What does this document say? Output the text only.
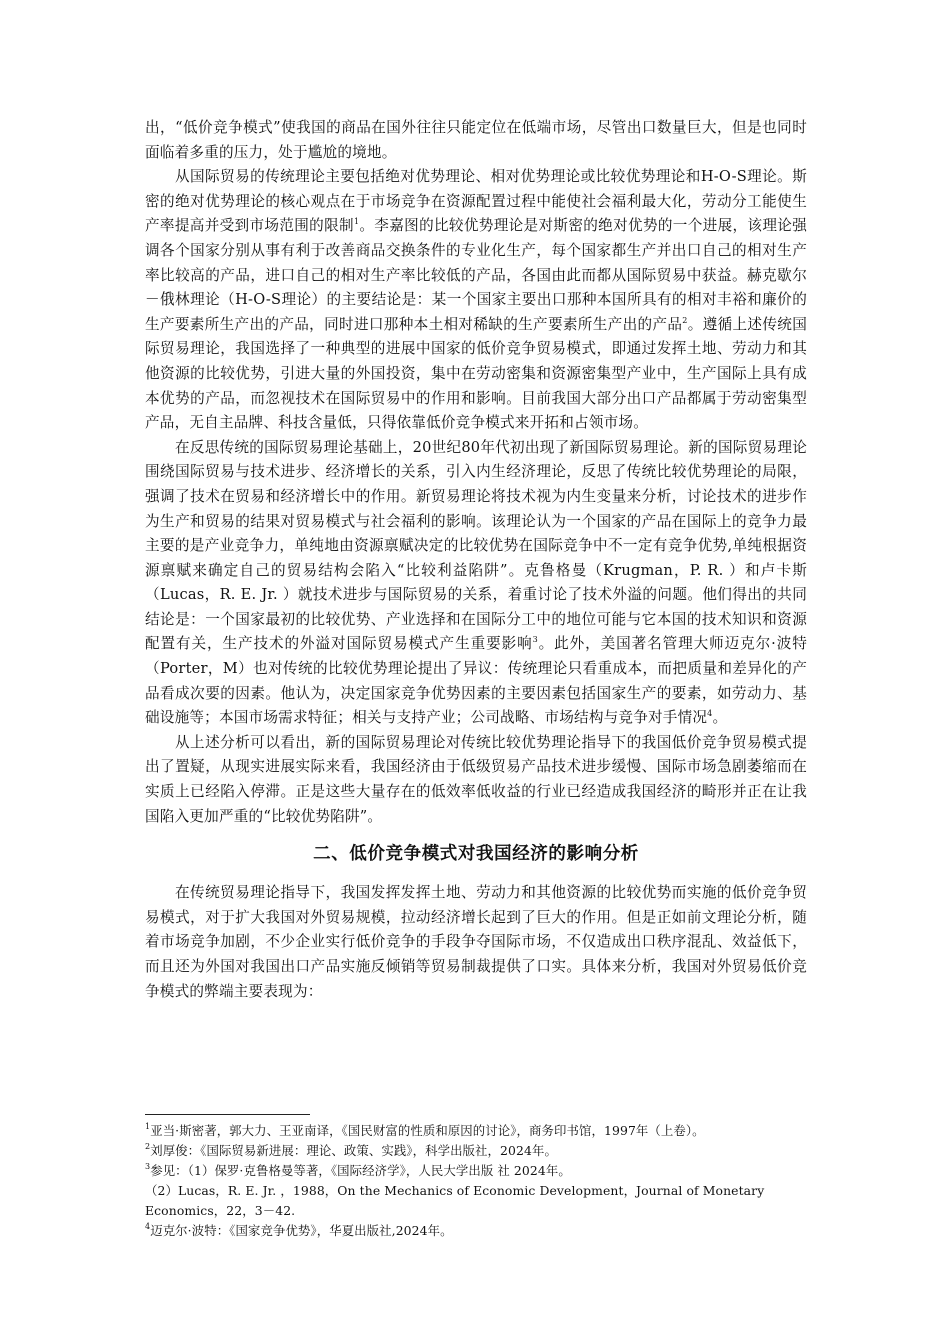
出，“低价竞争模式”使我国的商品在国外往往只能定位在低端市场，尽管出口数量巨大，但是也同时面临着多重的压力，处于尴尬的境地。

从国际贸易的传统理论主要包括绝对优势理论、相对优势理论或比较优势理论和H-O-S理论。斯密的绝对优势理论的核心观点在于市场竞争在资源配置过程中能使社会福利最大化，劳动分工能使生产率提高并受到市场范围的限制$^1$。李嘉图的比较优势理论是对斯密的绝对优势的一个进展，该理论强调各个国家分别从事有利于改善商品交换条件的专业化生产，每个国家都生产并出口自己的相对生产率比较高的产品，进口自己的相对生产率比较低的产品，各国由此而都从国际贸易中获益。赫克歇尔－俄林理论（H-O-S理论）的主要结论是：某一个国家主要出口那种本国所具有的相对丰裕和廉价的生产要素所生产出的产品，同时进口那种本土相对稀缺的生产要素所生产出的产品$^2$。遵循上述传统国际贸易理论，我国选择了一种典型的进展中国家的低价竞争贸易模式，即通过发挥土地、劳动力和其他资源的比较优势，引进大量的外国投资，集中在劳动密集和资源密集型产业中，生产国际上具有成本优势的产品，而忽视技术在国际贸易中的作用和影响。目前我国大部分出口产品都属于劳动密集型产品，无自主品牌、科技含量低，只得依靠低价竞争模式来开拓和占领市场。

在反思传统的国际贸易理论基础上，20世纪80年代初出现了新国际贸易理论。新的国际贸易理论围绕国际贸易与技术进步、经济增长的关系，引入内生经济理论，反思了传统比较优势理论的局限，强调了技术在贸易和经济增长中的作用。新贸易理论将技术视为内生变量来分析，讨论技术的进步作为生产和贸易的结果对贸易模式与社会福利的影响。该理论认为一个国家的产品在国际上的竞争力最主要的是产业竞争力，单纯地由资源禀赋决定的比较优势在国际竞争中不一定有竞争优势,单纯根据资源禀赋来确定自己的贸易结构会陷入“比较利益陷阱”。克鲁格曼（Krugman，P. R. ）和卢卡斯（Lucas，R. E. Jr. ）就技术进步与国际贸易的关系，着重讨论了技术外溢的问题。他们得出的共同结论是：一个国家最初的比较优势、产业选择和在国际分工中的地位可能与它本国的技术知识和资源配置有关，生产技术的外溢对国际贸易模式产生重要影响$^3$。此外，美国著名管理大师迈克尔·波特（Porter，M）也对传统的比较优势理论提出了异议：传统理论只看重成本，而把质量和差异化的产品看成次要的因素。他认为，决定国家竞争优势因素的主要因素包括国家生产的要素，如劳动力、基础设施等；本国市场需求特征；相关与支持产业；公司战略、市场结构与竞争对手情况$^4$。

从上述分析可以看出，新的国际贸易理论对传统比较优势理论指导下的我国低价竞争贸易模式提出了置疑，从现实进展实际来看，我国经济由于低级贸易产品技术进步缓慢、国际市场急剧萎缩而在实质上已经陷入停滞。正是这些大量存在的低效率低收益的行业已经造成我国经济的畸形并正在让我国陷入更加严重的“比较优势陷阱”。

二、低价竞争模式对我国经济的影响分析

在传统贸易理论指导下，我国发挥发挥土地、劳动力和其他资源的比较优势而实施的低价竞争贸易模式，对于扩大我国对外贸易规模，拉动经济增长起到了巨大的作用。但是正如前文理论分析，随着市场竞争加剧，不少企业实行低价竞争的手段争夺国际市场，不仅造成出口秩序混乱、效益低下，而且还为外国对我国出口产品实施反倾销等贸易制裁提供了口实。具体来分析，我国对外贸易低价竞争模式的弊端主要表现为：

$^1$亚当·斯密著，郭大力、王亚南译，《国民财富的性质和原因的讨论》，商务印书馆，1997年（上卷）。

$^2$刘厚俊：《国际贸易新进展：理论、政策、实践》，科学出版社，2024年。

$^3$参见：（1）保罗·克鲁格曼等著，《国际经济学》，人民大学出版 社 2024年。

（2）Lucas，R. E. Jr. ，1988，On the Mechanics of Economic Development，Journal of Monetary Economics，22，3－42.

$^4$迈克尔·波特：《国家竞争优势》，华夏出版社,2024年。
